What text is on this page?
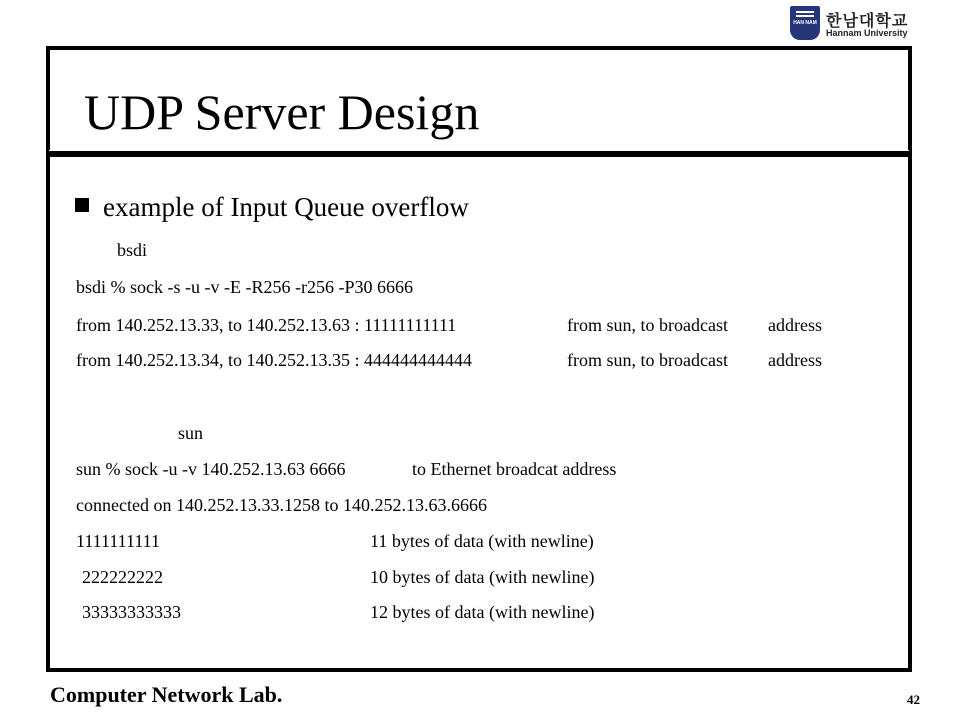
HAN NAM 한남대학교
Hannam University
UDP Server Design
example of Input Queue overflow
bsdi
bsdi % sock -s -u -v -E -R256 -r256 -P30 6666
from 140.252.13.33, to 140.252.13.63 : 11111111111	from sun, to broadcast address
from 140.252.13.34, to 140.252.13.35 : 444444444444	from sun, to broadcast address
sun
sun % sock -u -v 140.252.13.63 6666	to Ethernet broadcat address
connected on 140.252.13.33.1258 to 140.252.13.63.6666
1111111111	11 bytes of data (with newline)
222222222	10 bytes of data (with newline)
33333333333	12 bytes of data (with newline)
Computer Network Lab.	42
